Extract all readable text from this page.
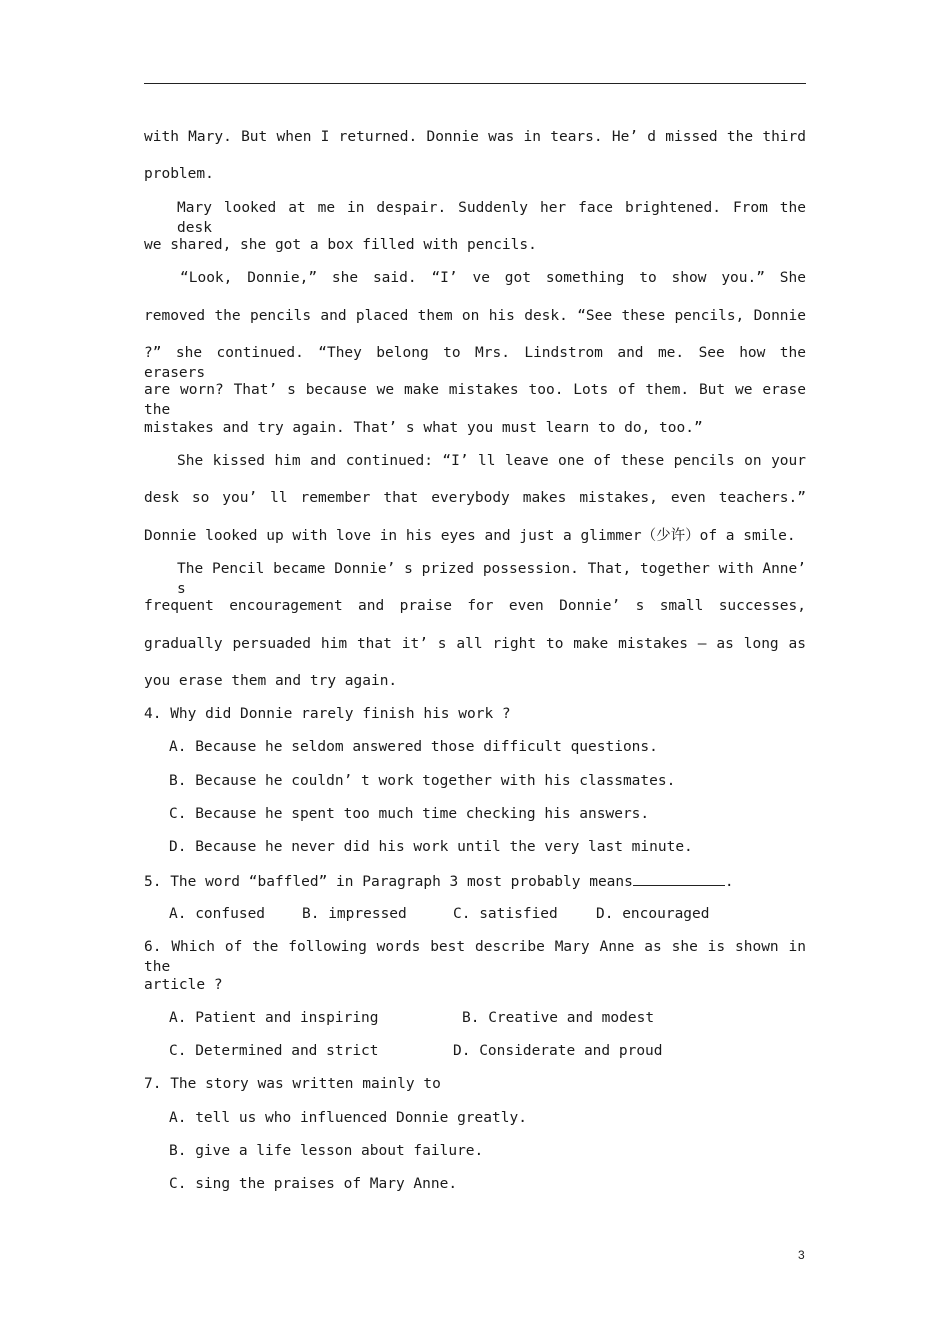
with Mary. But when I returned. Donnie was in tears. He’ d missed the third
problem.
Mary looked at me in despair. Suddenly her face brightened. From the desk
we shared, she got a box filled with pencils.
“Look, Donnie,” she said. “I’ ve got something to show you.” She
removed the pencils and placed them on his desk. “See these pencils, Donnie
?” she continued. “They belong to Mrs. Lindstrom and me. See how the erasers
are worn? That’ s because we make mistakes too. Lots of them. But we erase the
mistakes and try again. That’ s what you must learn to do, too.”
She kissed him and continued: “I’ ll leave one of these pencils on your
desk so you’ ll remember that everybody makes mistakes, even teachers.”
Donnie looked up with love in his eyes and just a glimmer（少许）of a smile.
The Pencil became Donnie’ s prized possession. That, together with Anne’ s
frequent encouragement and praise for even Donnie’ s small successes,
gradually persuaded him that it’ s all right to make mistakes — as long as
you erase them and try again.
4. Why did Donnie rarely finish his work ?
A. Because he seldom answered those difficult questions.
B. Because he couldn’ t work together with his classmates.
C. Because he spent too much time checking his answers.
D. Because he never did his work until the very last minute.
5. The word “baffled” in Paragraph 3 most probably means	.
A. confused	B. impressed	C. satisfied	D. encouraged
6. Which of the following words best describe Mary Anne as she is shown in the
article ?
A. Patient and inspiring	B. Creative and modest
C. Determined and strict	D. Considerate and proud
7. The story was written mainly to
A. tell us who influenced Donnie greatly.
B. give a life lesson about failure.
C. sing the praises of Mary Anne.
3
